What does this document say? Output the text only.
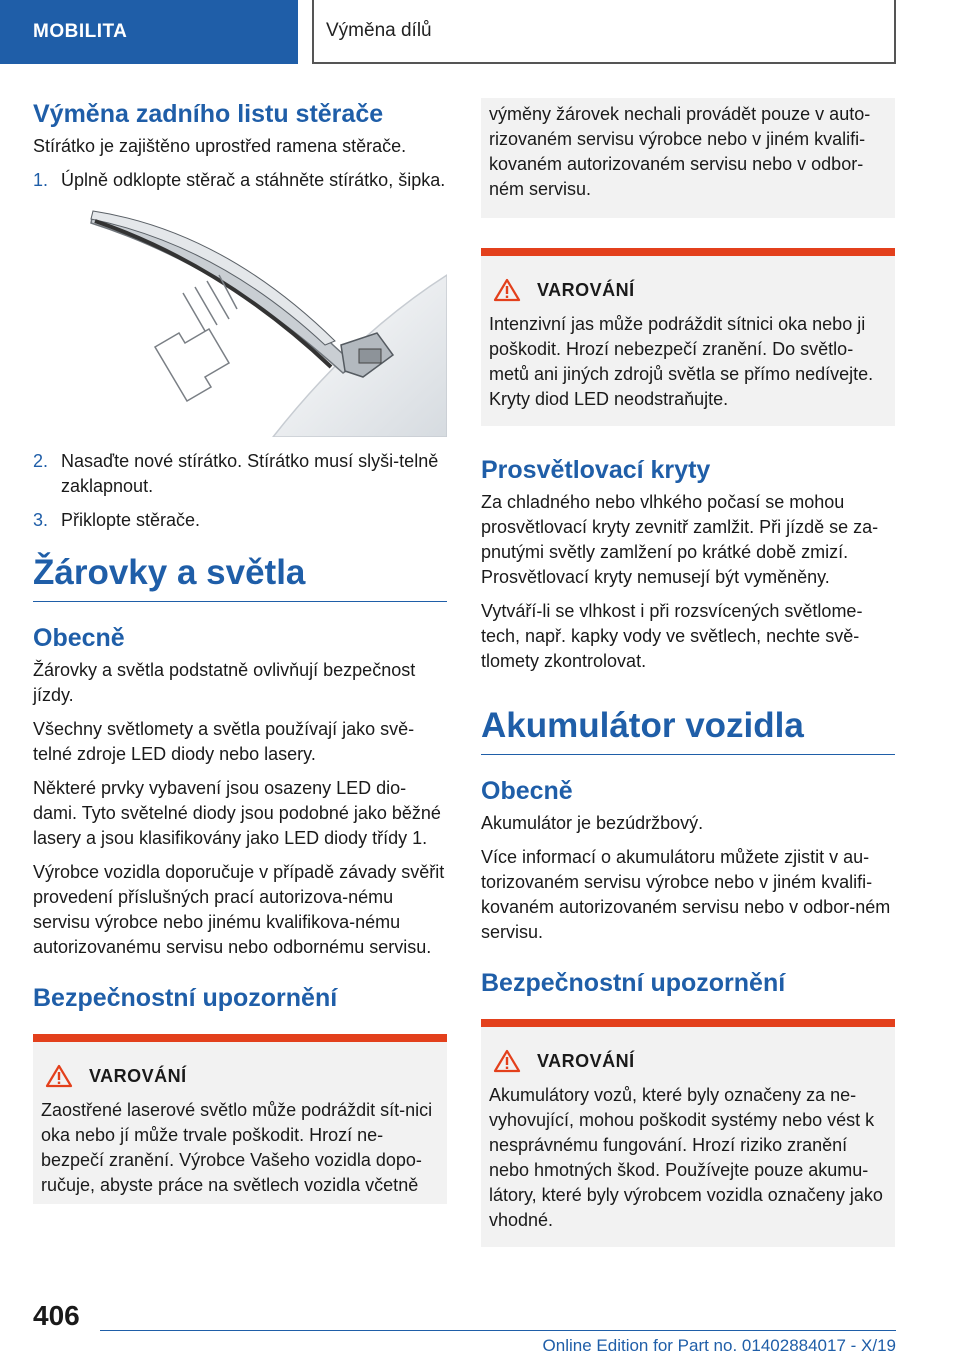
MOBILITA	Výměna dílů
Výměna zadního listu stěrače

Stírátko je zajištěno uprostřed ramena stěrače.

1. Úplně odklopte stěrač a stáhněte stírátko, šipka.
2. Nasaďte nové stírátko. Stírátko musí slyši-telně zaklapnout.
3. Přiklopte stěrače.
Žárovky a světla
Obecně

Žárovky a světla podstatně ovlivňují bezpečnost jízdy.

Všechny světlomety a světla používají jako svě-telné zdroje LED diody nebo lasery.

Některé prvky vybavení jsou osazeny LED dio-dami. Tyto světelné diody jsou podobné jako běžné lasery a jsou klasifikovány jako LED diody třídy 1.

Výrobce vozidla doporučuje v případě závady svěřit provedení příslušných prací autorizova-nému servisu výrobce nebo jinému kvalifikova-nému autorizovanému servisu nebo odbornému servisu.

Bezpečnostní upozornění
VAROVÁNÍ

Zaostřené laserové světlo může podráždit sít-nici oka nebo jí může trvale poškodit. Hrozí ne-bezpečí zranění. Výrobce Vašeho vozidla dopo-ručuje, abyste práce na světlech vozidla včetně

výměny žárovek nechali provádět pouze v auto-rizovaném servisu výrobce nebo v jiném kvalifi-kovaném autorizovaném servisu nebo v odbor-ném servisu.

VAROVÁNÍ

Intenzivní jas může podráždit sítnici oka nebo ji poškodit. Hrozí nebezpečí zranění. Do světlo-metů ani jiných zdrojů světla se přímo nedívejte. Kryty diod LED neodstraňujte.

Prosvětlovací kryty

Za chladného nebo vlhkého počasí se mohou prosvětlovací kryty zevnitř zamlžit. Při jízdě se za-pnutými světly zamlžení po krátké době zmizí. Prosvětlovací kryty nemusejí být vyměněny.

Vytváří-li se vlhkost i při rozsvícených světlome-tech, např. kapky vody ve světlech, nechte svě-tlomety zkontrolovat.

Akumulátor vozidla
Obecně

Akumulátor je bezúdržbový.

Více informací o akumulátoru můžete zjistit v au-torizovaném servisu výrobce nebo v jiném kvalifi-kovaném autorizovaném servisu nebo v odbor-ném servisu.

Bezpečnostní upozornění
VAROVÁNÍ

Akumulátory vozů, které byly označeny za ne-vyhovující, mohou poškodit systémy nebo vést k nesprávnému fungování. Hrozí riziko zranění nebo hmotných škod. Používejte pouze akumu-látory, které byly výrobcem vozidla označeny jako vhodné.

406
Online Edition for Part no. 01402884017 - X/19
